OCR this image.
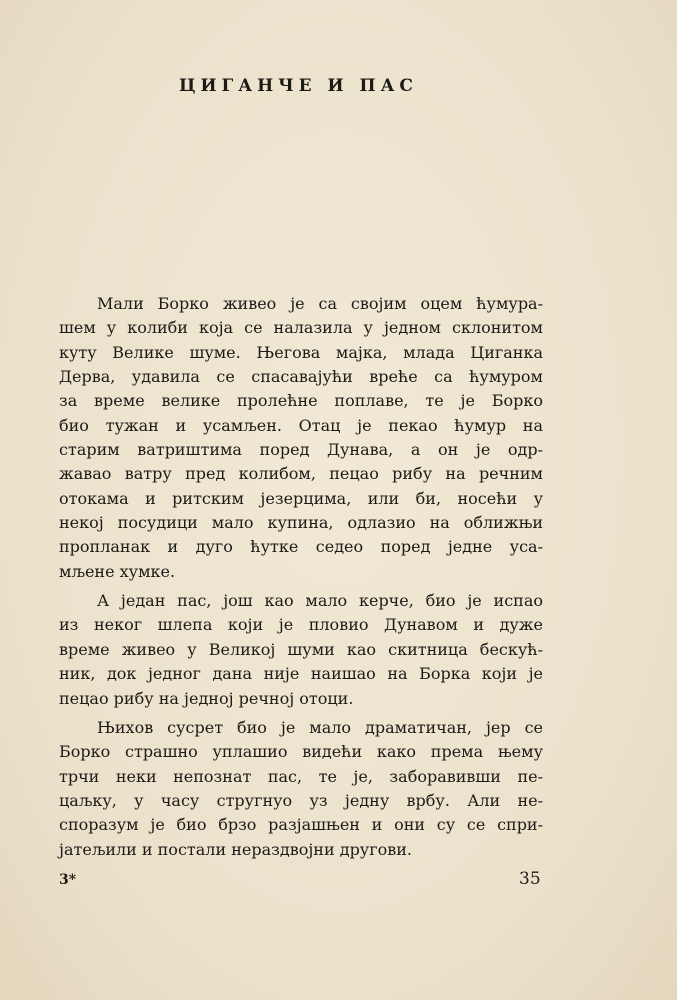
ЦИГАНЧЕ И ПАС
Мали Борко живео је са својим оцем ћумура-
шем у колиби која се налазила у једном склонитом
куту Велике шуме. Његова мајка, млада Циганка
Дерва, удавила се спасавајући вреће са ћумуром
за време велике пролећне поплаве, те је Борко
био тужан и усамљен. Отац је пекао ћумур на
старим ватриштима поред Дунава, а он је одр-
жавао ватру пред колибом, пецао рибу на речним
отокама и ритским језерцима, или би, носећи у
некој посудици мало купина, одлазио на оближњи
пропланак и дуго ћутке седео поред једне уса-
мљене хумке.
А један пас, још као мало керче, био је испао
из неког шлепа који је пловио Дунавом и дуже
време живео у Великој шуми као скитница бескућ-
ник, док једног дана није наишао на Борка који је
пецао рибу на једној речној отоци.
Њихов сусрет био је мало драматичан, јер се
Борко страшно уплашио видећи како према њему
трчи неки непознат пас, те је, заборавивши пе-
цаљку, у часу стругнуо уз једну врбу. Али не-
споразум је био брзо разјашњен и они су се спри-
јатељили и постали нераздвојни другови.
3*	35
